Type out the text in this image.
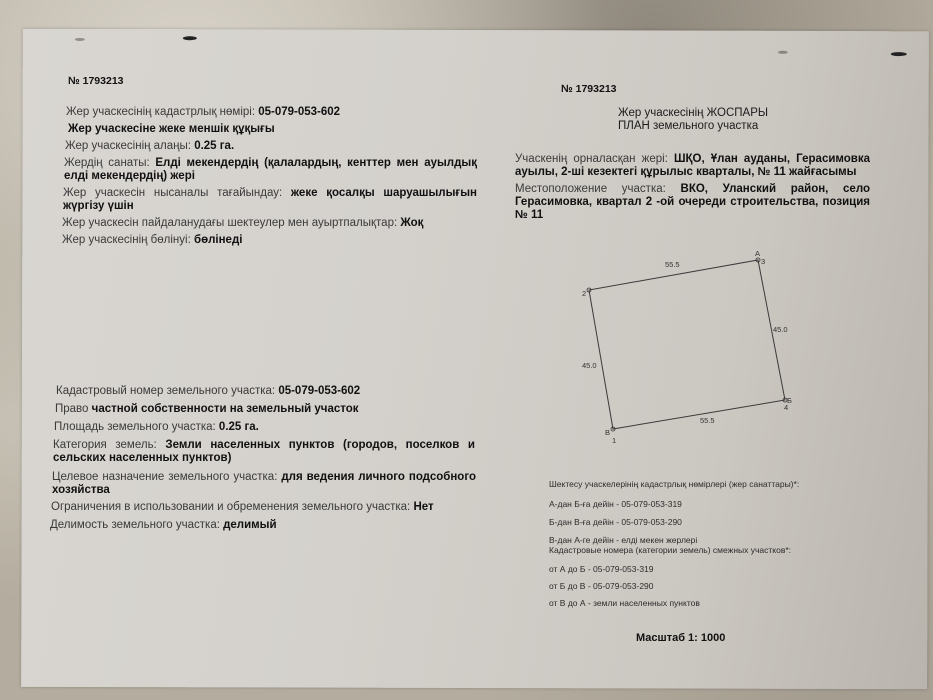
№ 1793213
Жер учаскесінің кадастрлық нөмірі: 05-079-053-602
Жер учаскесіне жеке меншік құқығы
Жер учаскесінің алаңы: 0.25 га.
Жердің санаты: Елді мекендердің (қалалардың, кенттер мен ауылдық елді мекендердің) жері
Жер учаскесін нысаналы тағайындау: жеке қосалқы шаруашылығын жүргізу үшін
Жер учаскесін пайдаланудағы шектеулер мен ауыртпалықтар: Жоқ
Жер учаскесінің бөлінуі: бөлінеді
Кадастровый номер земельного участка: 05-079-053-602
Право частной собственности на земельный участок
Площадь земельного участка: 0.25 га.
Категория земель: Земли населенных пунктов (городов, поселков и сельских населенных пунктов)
Целевое назначение земельного участка: для ведения личного подсобного хозяйства
Ограничения в использовании и обременения земельного участка: Нет
Делимость земельного участка: делимый
№ 1793213
Жер учаскесінің ЖОСПАРЫ
ПЛАН земельного участка
Учаскенің орналасқан жері: ШҚО, Ұлан ауданы, Герасимовка ауылы, 2-ші кезектегі құрылыс кварталы, № 11 жайғасымы
Местоположение участка: ВКО, Уланский район, село Герасимовка, квартал 2 -ой очереди строительства, позиция № 11
55.5
55.5
45.0
45.0
В
1
2
А
3
Б
4
Шектесу учаскелерінің кадастрлық нөмірлері (жер санаттары)*:
А-дан Б-ға дейін - 05-079-053-319
Б-дан В-ға дейін - 05-079-053-290
В-дан А-ге дейін - елді мекен жерлері
Кадастровые номера (категории земель) смежных участков*:
от А до Б - 05-079-053-319
от Б до В - 05-079-053-290
от В до А - земли населенных пунктов
Масштаб 1: 1000
